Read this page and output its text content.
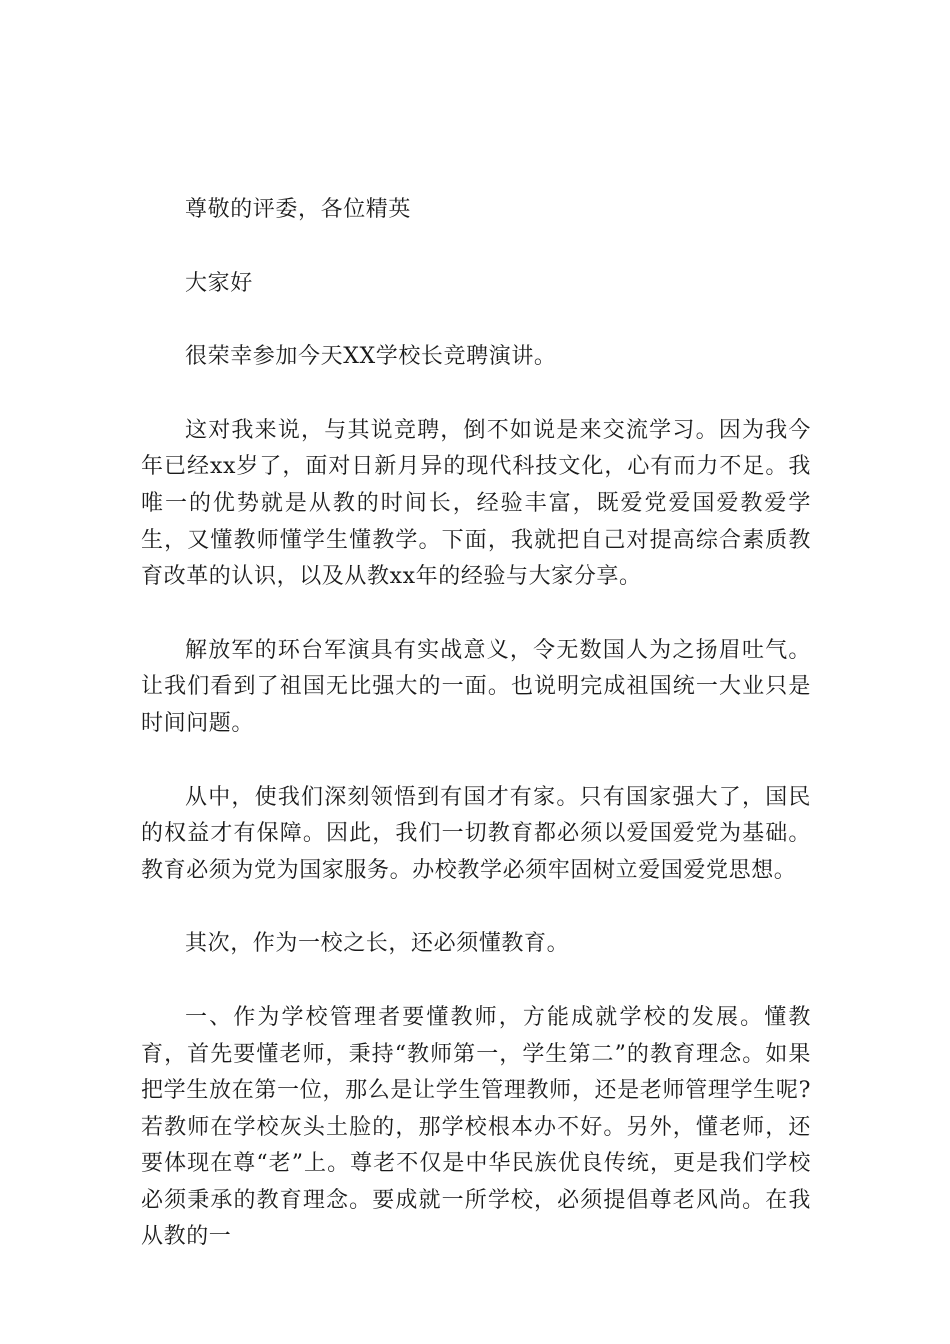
尊敬的评委，各位精英

大家好

很荣幸参加今天XX学校长竞聘演讲。

这对我来说，与其说竞聘，倒不如说是来交流学习。因为我今年已经xx岁了，面对日新月异的现代科技文化，心有而力不足。我唯一的优势就是从教的时间长，经验丰富，既爱党爱国爱教爱学生，又懂教师懂学生懂教学。下面，我就把自己对提高综合素质教育改革的认识，以及从教xx年的经验与大家分享。

解放军的环台军演具有实战意义，令无数国人为之扬眉吐气。让我们看到了祖国无比强大的一面。也说明完成祖国统一大业只是时间问题。

从中，使我们深刻领悟到有国才有家。只有国家强大了，国民的权益才有保障。因此，我们一切教育都必须以爱国爱党为基础。教育必须为党为国家服务。办校教学必须牢固树立爱国爱党思想。

其次，作为一校之长，还必须懂教育。

一、作为学校管理者要懂教师，方能成就学校的发展。懂教育，首先要懂老师，秉持“教师第一，学生第二”的教育理念。如果把学生放在第一位，那么是让学生管理教师，还是老师管理学生呢?若教师在学校灰头土脸的，那学校根本办不好。另外，懂老师，还要体现在尊“老”上。尊老不仅是中华民族优良传统，更是我们学校必须秉承的教育理念。要成就一所学校，必须提倡尊老风尚。在我从教的一
